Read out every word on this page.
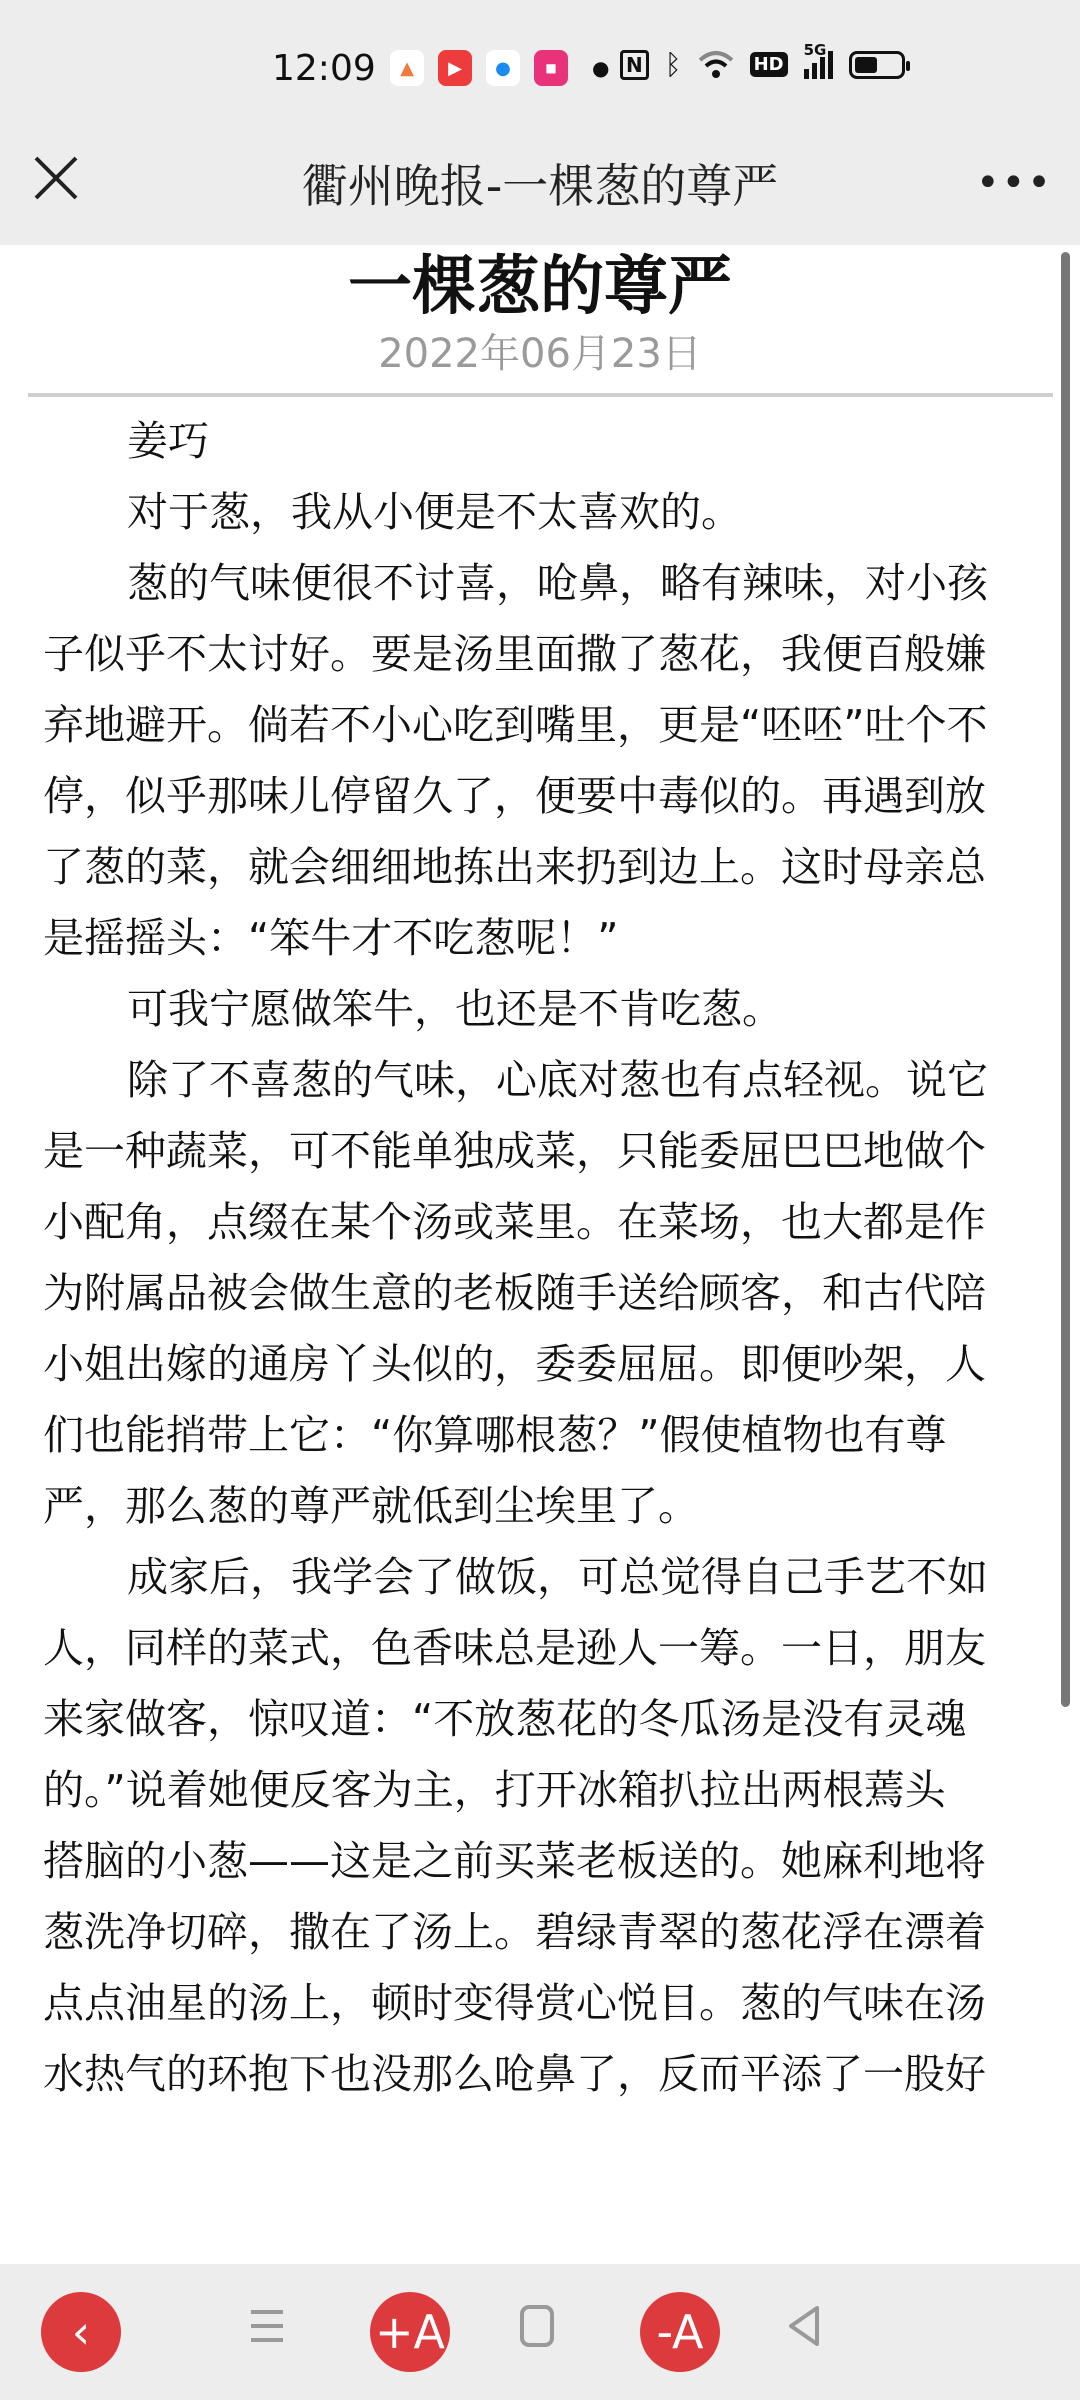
12:09	▲	▶	●	■	● N ᛒ	HD
5G
衢州晚报-一棵葱的尊严	•••
一棵葱的尊严
2022年06月23日
姜巧
对于葱，我从小便是不太喜欢的。
葱的气味便很不讨喜，呛鼻，略有辣味，对小孩
子似乎不太讨好。要是汤里面撒了葱花，我便百般嫌
弃地避开。倘若不小心吃到嘴里，更是“呸呸”吐个不
停，似乎那味儿停留久了，便要中毒似的。再遇到放
了葱的菜，就会细细地拣出来扔到边上。这时母亲总
是摇摇头：“笨牛才不吃葱呢！”
可我宁愿做笨牛，也还是不肯吃葱。
除了不喜葱的气味，心底对葱也有点轻视。说它
是一种蔬菜，可不能单独成菜，只能委屈巴巴地做个
小配角，点缀在某个汤或菜里。在菜场，也大都是作
为附属品被会做生意的老板随手送给顾客，和古代陪
小姐出嫁的通房丫头似的，委委屈屈。即便吵架，人
们也能捎带上它：“你算哪根葱？”假使植物也有尊
严，那么葱的尊严就低到尘埃里了。
成家后，我学会了做饭，可总觉得自己手艺不如
人，同样的菜式，色香味总是逊人一筹。一日，朋友
来家做客，惊叹道：“不放葱花的冬瓜汤是没有灵魂
的。”说着她便反客为主，打开冰箱扒拉出两根蔫头
搭脑的小葱——这是之前买菜老板送的。她麻利地将
葱洗净切碎，撒在了汤上。碧绿青翠的葱花浮在漂着
点点油星的汤上，顿时变得赏心悦目。葱的气味在汤
水热气的环抱下也没那么呛鼻了，反而平添了一股好
‹	+A	-A
